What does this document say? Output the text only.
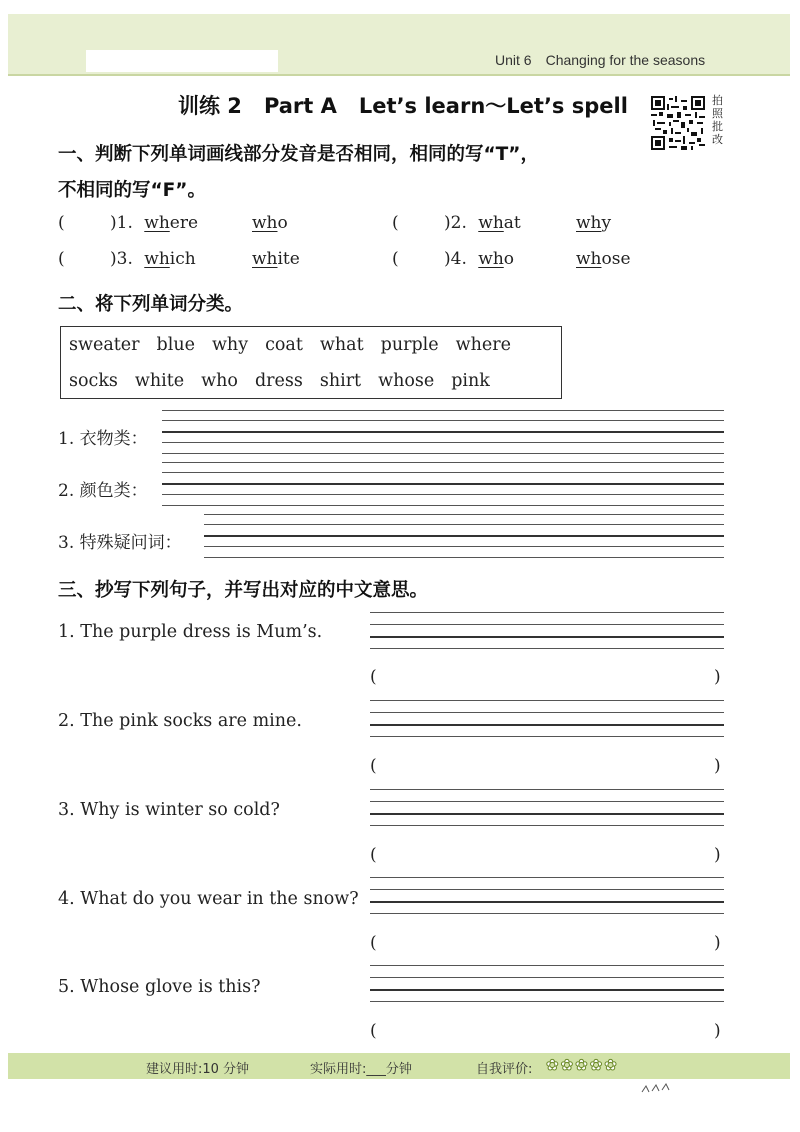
Unit 6 Changing for the seasons
训练 2 Part A Let’s learn～Let’s spell	拍
照
批
改
一、判断下列单词画线部分发音是否相同，相同的写“T”，
不相同的写“F”。
(	)1. where	who	(	)2. what	why
(	)3. which	white	(	)4. who	whose
二、将下列单词分类。
sweater blue why coat what purple where
socks white who dress shirt whose pink
1. 衣物类：
2. 颜色类：
3. 特殊疑问词：
三、抄写下列句子，并写出对应的中文意思。
1. The purple dress is Mum’s.
(	)
2. The pink socks are mine.
(	)
3. Why is winter so cold?
(	)
4. What do you wear in the snow?
(	)
5. Whose glove is this?
(	)
建议用时:10 分钟	实际用时:___分钟	自我评价: ✿✿✿✿✿
